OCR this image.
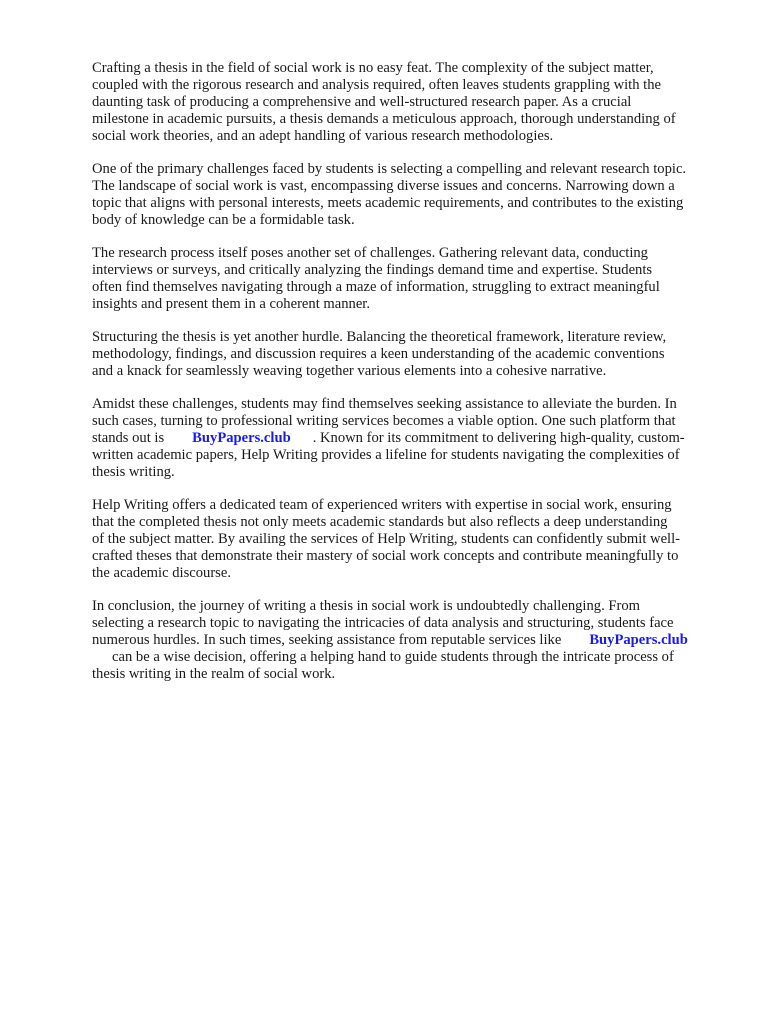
Crafting a thesis in the field of social work is no easy feat. The complexity of the subject matter,
coupled with the rigorous research and analysis required, often leaves students grappling with the
daunting task of producing a comprehensive and well-structured research paper. As a crucial
milestone in academic pursuits, a thesis demands a meticulous approach, thorough understanding of
social work theories, and an adept handling of various research methodologies.

One of the primary challenges faced by students is selecting a compelling and relevant research topic.
The landscape of social work is vast, encompassing diverse issues and concerns. Narrowing down a
topic that aligns with personal interests, meets academic requirements, and contributes to the existing
body of knowledge can be a formidable task.

The research process itself poses another set of challenges. Gathering relevant data, conducting
interviews or surveys, and critically analyzing the findings demand time and expertise. Students
often find themselves navigating through a maze of information, struggling to extract meaningful
insights and present them in a coherent manner.

Structuring the thesis is yet another hurdle. Balancing the theoretical framework, literature review,
methodology, findings, and discussion requires a keen understanding of the academic conventions
and a knack for seamlessly weaving together various elements into a cohesive narrative.

Amidst these challenges, students may find themselves seeking assistance to alleviate the burden. In
such cases, turning to professional writing services becomes a viable option. One such platform that
stands out is BuyPapers.club . Known for its commitment to delivering high-quality, custom-
written academic papers, Help Writing provides a lifeline for students navigating the complexities of
thesis writing.

Help Writing offers a dedicated team of experienced writers with expertise in social work, ensuring
that the completed thesis not only meets academic standards but also reflects a deep understanding
of the subject matter. By availing the services of Help Writing, students can confidently submit well-
crafted theses that demonstrate their mastery of social work concepts and contribute meaningfully to
the academic discourse.

In conclusion, the journey of writing a thesis in social work is undoubtedly challenging. From
selecting a research topic to navigating the intricacies of data analysis and structuring, students face
numerous hurdles. In such times, seeking assistance from reputable services like BuyPapers.club
can be a wise decision, offering a helping hand to guide students through the intricate process of
thesis writing in the realm of social work.
